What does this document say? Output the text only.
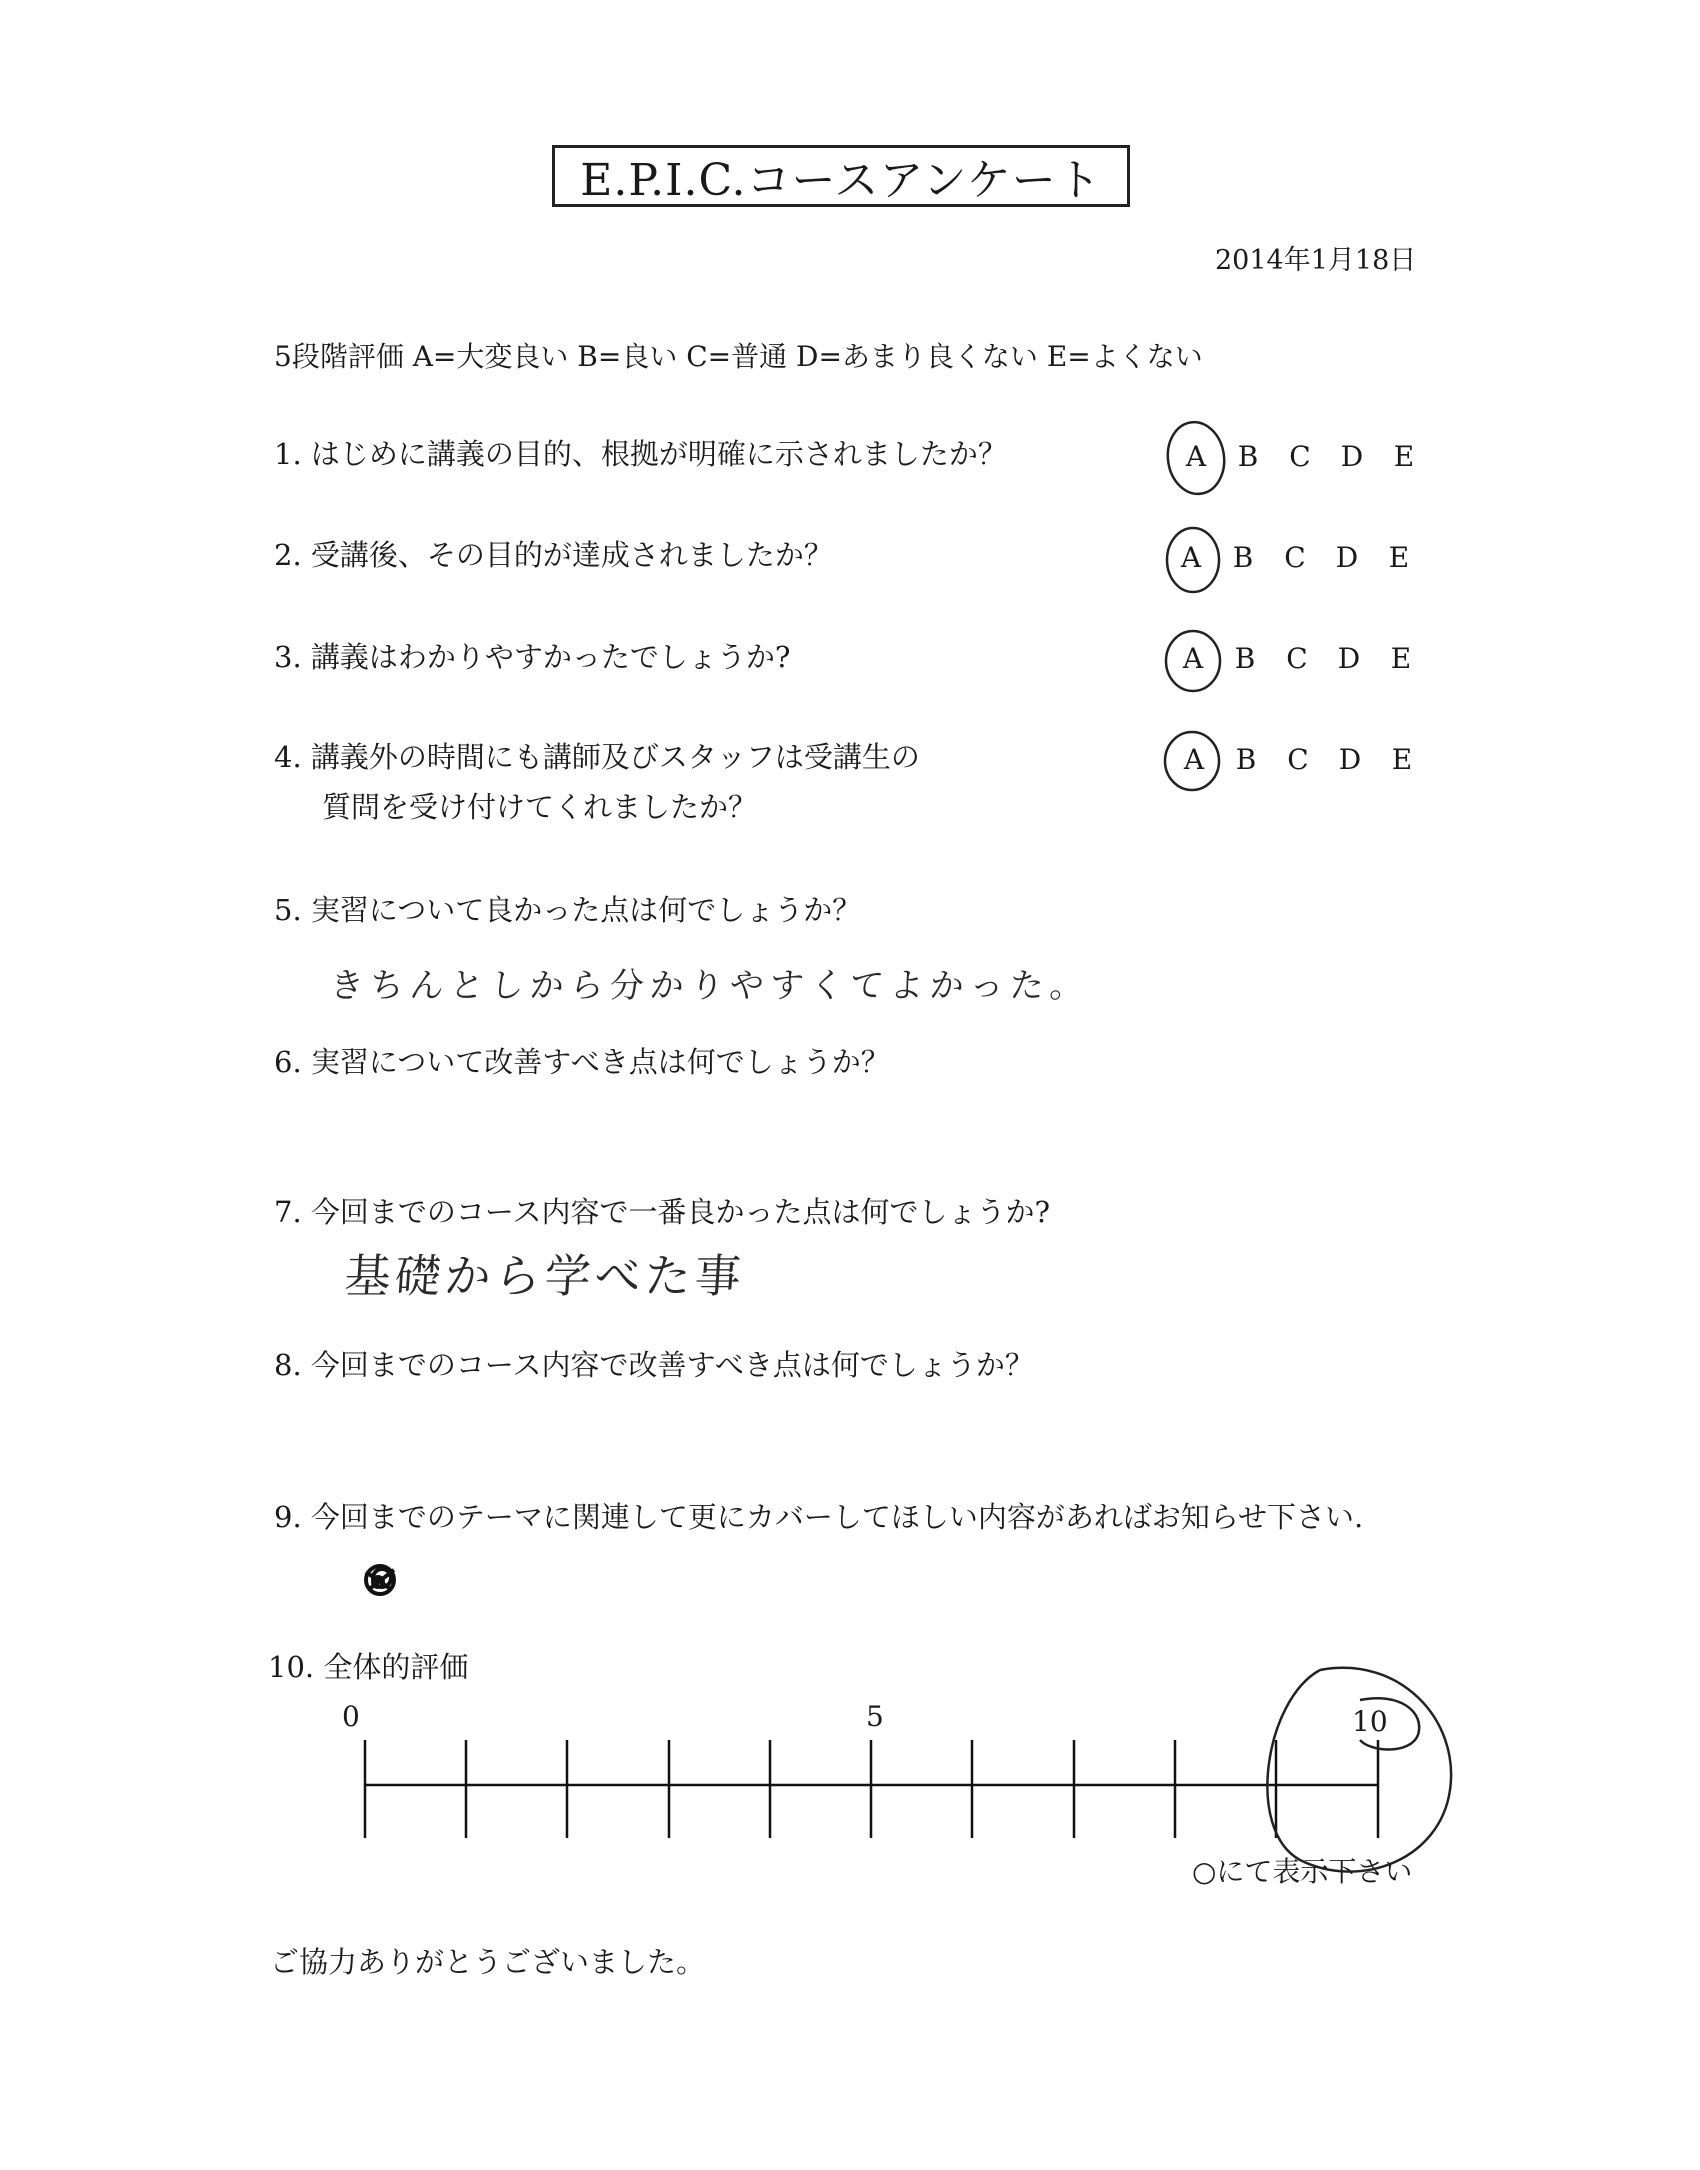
E.P.I.C.コースアンケート
2014年1月18日
5段階評価 A=大変良い B=良い C=普通 D=あまり良くない E=よくない
1. はじめに講義の目的、根拠が明確に示されましたか？	A B C D E
2. 受講後、その目的が達成されましたか？	A B C D E
3. 講義はわかりやすかったでしょうか?	A B C D E
4. 講義外の時間にも講師及びスタッフは受講生の
質問を受け付けてくれましたか？
A B C D E
5. 実習について良かった点は何でしょうか？
きちんとしから分かりやすくてよかった。
6. 実習について改善すべき点は何でしょうか？
7. 今回までのコース内容で一番良かった点は何でしょうか?
基礎から学べた事
8. 今回までのコース内容で改善すべき点は何でしょうか？
9. 今回までのテーマに関連して更にカバーしてほしい内容があればお知らせ下さい.
10. 全体的評価
0	5	10
○にて表示下さい
ご協力ありがとうございました。
